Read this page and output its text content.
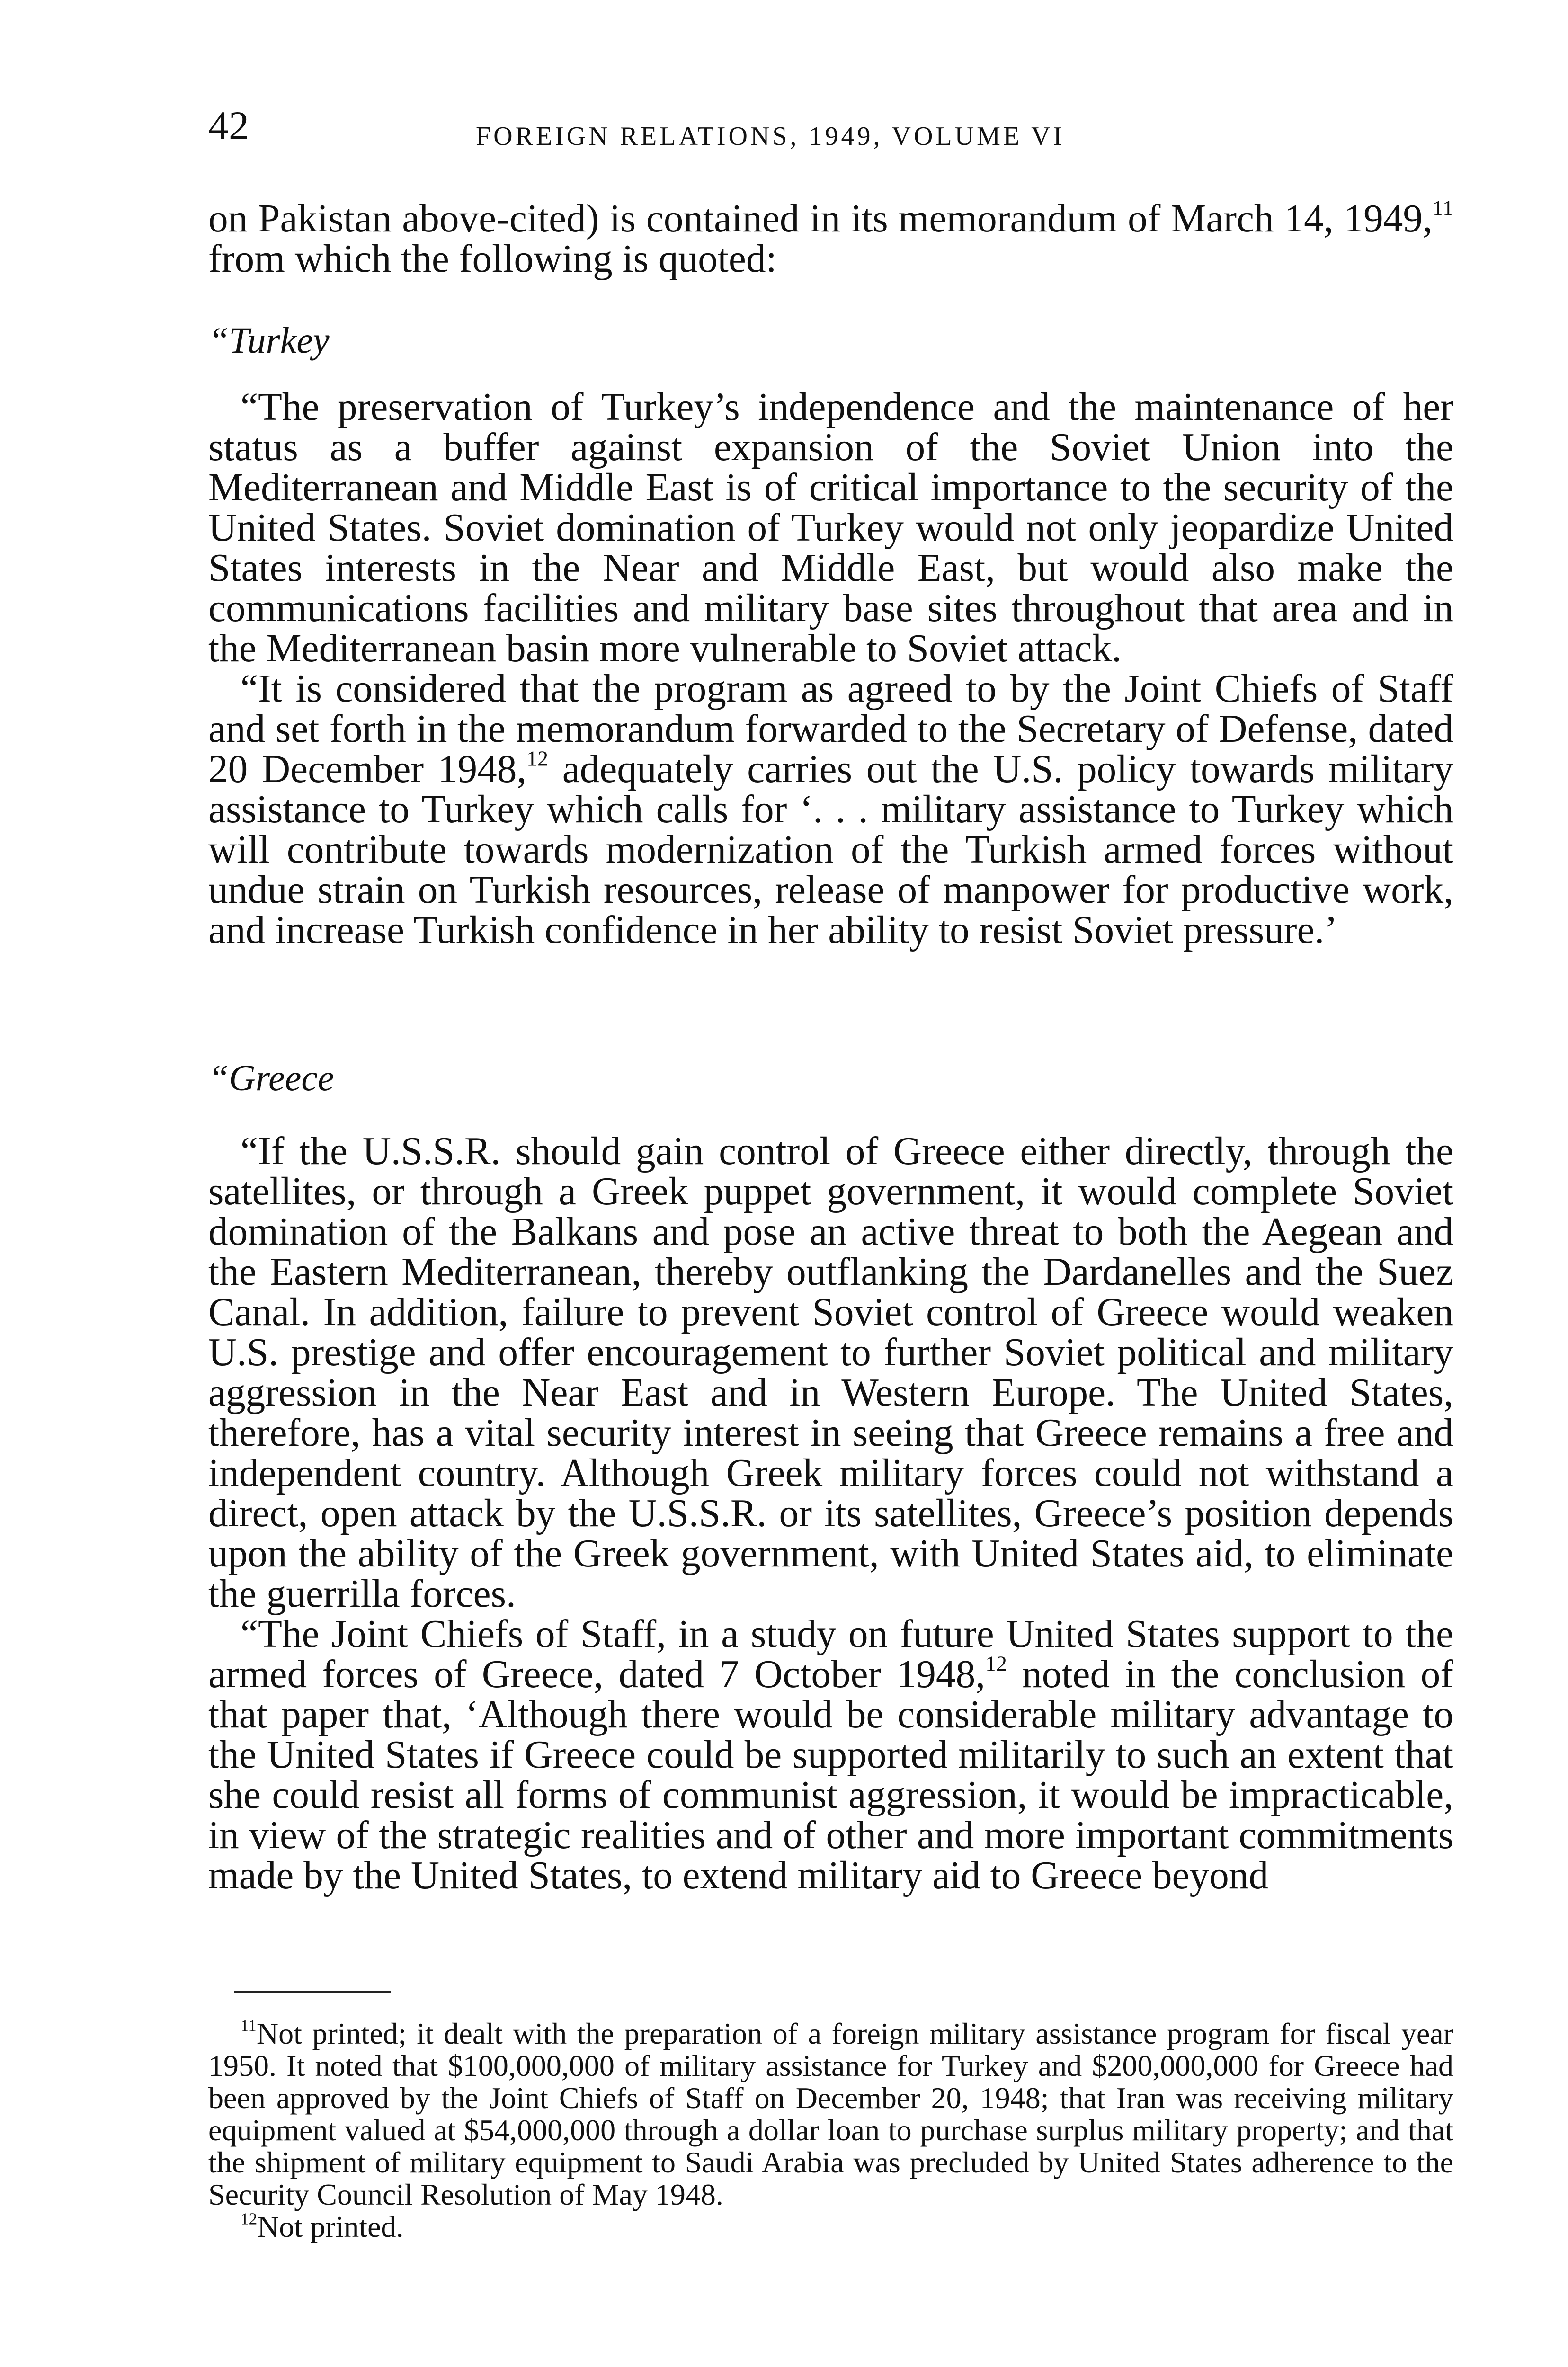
42	FOREIGN RELATIONS, 1949, VOLUME VI

on Pakistan above-cited) is contained in its memorandum of March 14, 1949,11 from which the following is quoted:

“Turkey

“The preservation of Turkey’s independence and the maintenance of her status as a buffer against expansion of the Soviet Union into the Mediterranean and Middle East is of critical importance to the security of the United States. Soviet domination of Turkey would not only jeopardize United States interests in the Near and Middle East, but would also make the communications facilities and military base sites throughout that area and in the Mediterranean basin more vulnerable to Soviet attack.

“It is considered that the program as agreed to by the Joint Chiefs of Staff and set forth in the memorandum forwarded to the Secretary of Defense, dated 20 December 1948,12 adequately carries out the U.S. policy towards military assistance to Turkey which calls for ‘. . . military assistance to Turkey which will contribute towards modernization of the Turkish armed forces without undue strain on Turkish resources, release of manpower for productive work, and increase Turkish confidence in her ability to resist Soviet pressure.’

“Greece

“If the U.S.S.R. should gain control of Greece either directly, through the satellites, or through a Greek puppet government, it would complete Soviet domination of the Balkans and pose an active threat to both the Aegean and the Eastern Mediterranean, thereby outflanking the Dardanelles and the Suez Canal. In addition, failure to prevent Soviet control of Greece would weaken U.S. prestige and offer encouragement to further Soviet political and military aggression in the Near East and in Western Europe. The United States, therefore, has a vital security interest in seeing that Greece remains a free and independent country. Although Greek military forces could not withstand a direct, open attack by the U.S.S.R. or its satellites, Greece’s position depends upon the ability of the Greek government, with United States aid, to eliminate the guerrilla forces.

“The Joint Chiefs of Staff, in a study on future United States support to the armed forces of Greece, dated 7 October 1948,12 noted in the conclusion of that paper that, ‘Although there would be considerable military advantage to the United States if Greece could be supported militarily to such an extent that she could resist all forms of communist aggression, it would be impracticable, in view of the strategic realities and of other and more important commitments made by the United States, to extend military aid to Greece beyond

$^{11}$Not printed; it dealt with the preparation of a foreign military assistance program for fiscal year 1950. It noted that $100,000,000 of military assistance for Turkey and $200,000,000 for Greece had been approved by the Joint Chiefs of Staff on December 20, 1948; that Iran was receiving military equipment valued at $54,000,000 through a dollar loan to purchase surplus military property; and that the shipment of military equipment to Saudi Arabia was precluded by United States adherence to the Security Council Resolution of May 1948.

$^{12}$Not printed.
